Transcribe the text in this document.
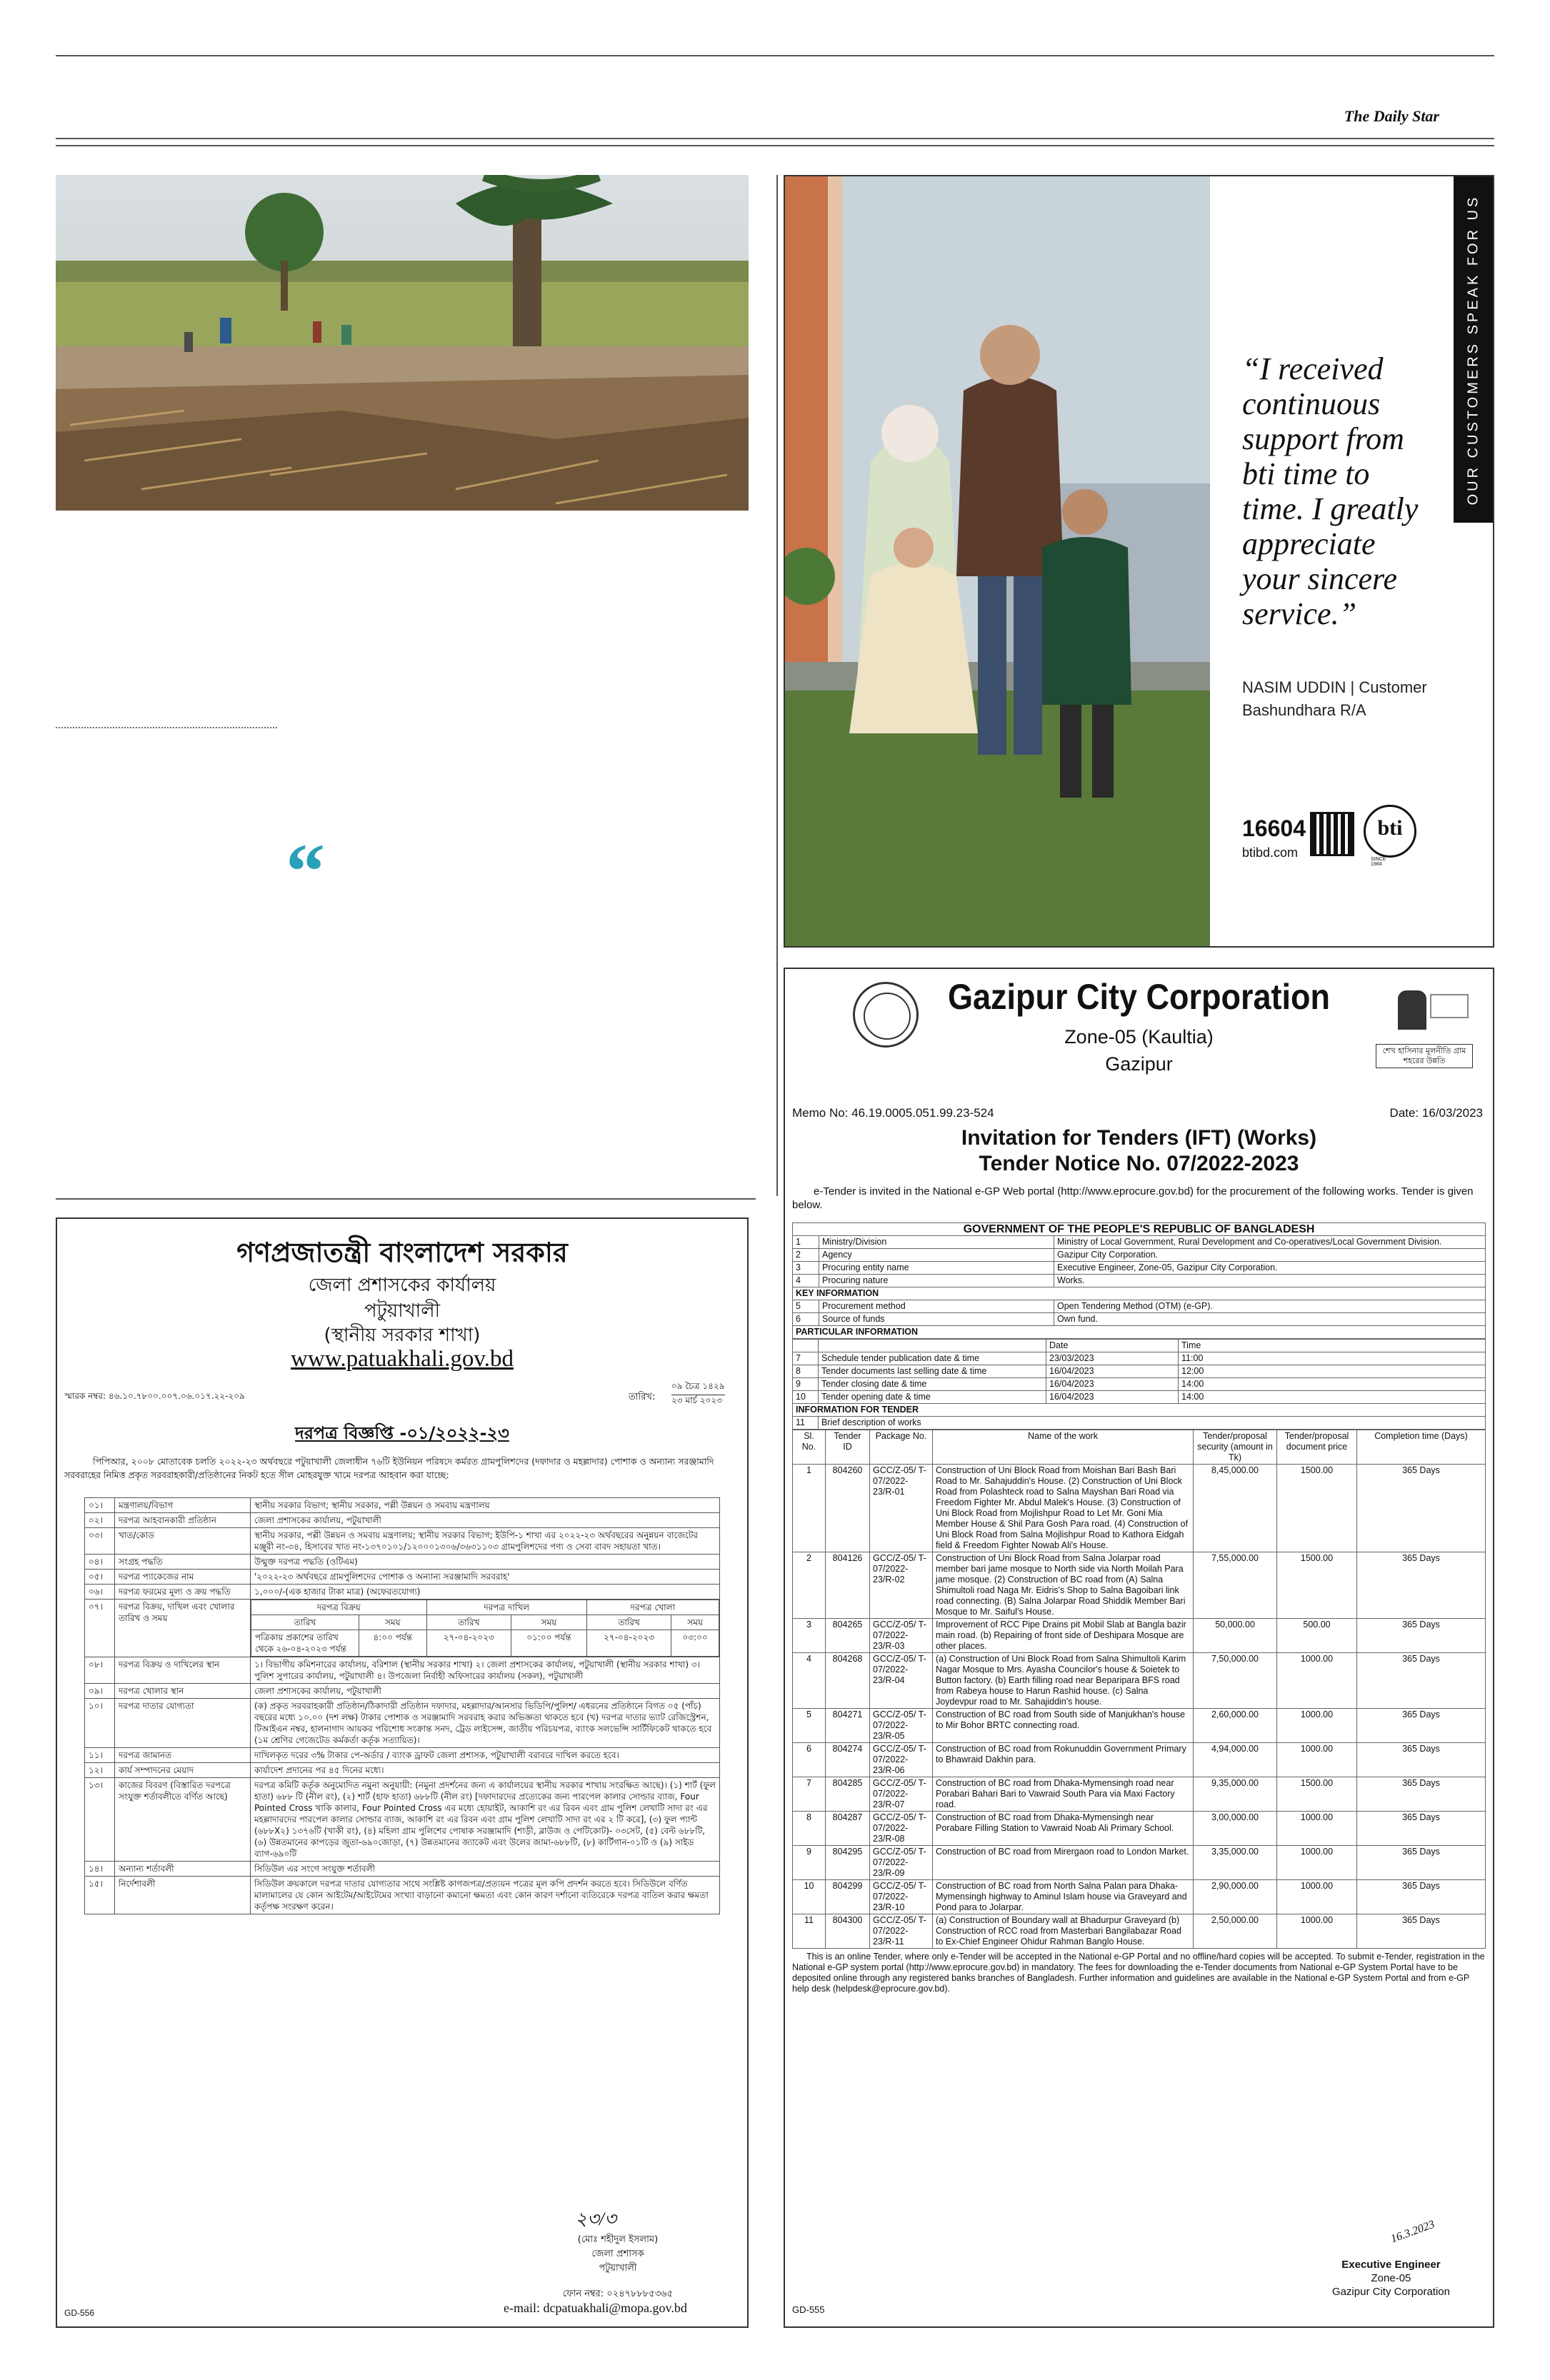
The Daily Star
“
“I received continuous support from bti time to time. I greatly appreciate your sincere service.”
OUR CUSTOMERS SPEAK FOR US
NASIM UDDIN | Customer
Bashundhara R/A
16604
btibd.com
bti
SINCE 1984
Gazipur City Corporation
Zone-05 (Kaultia)
Gazipur
শেখ হাসিনার মূলনীতি গ্রাম শহরের উন্নতি
Memo No: 46.19.0005.051.99.23-524	Date: 16/03/2023
Invitation for Tenders (IFT) (Works)
Tender Notice No. 07/2022-2023
e-Tender is invited in the National e-GP Web portal (http://www.eprocure.gov.bd) for the procurement of the following works. Tender is given below.
GOVERNMENT OF THE PEOPLE'S REPUBLIC OF BANGLADESH		
1	Ministry/Division	Ministry of Local Government, Rural Development and Co-operatives/Local Government Division.
2	Agency	Gazipur City Corporation.
3	Procuring entity name	Executive Engineer, Zone-05, Gazipur City Corporation.
4	Procuring nature	Works.
KEY INFORMATION		
5	Procurement method	Open Tendering Method (OTM) (e-GP).
6	Source of funds	Own fund.
PARTICULAR INFORMATION		
		Date	Time
7	Schedule tender publication date & time	23/03/2023	11:00
8	Tender documents last selling date & time	16/04/2023	12:00
9	Tender closing date & time	16/04/2023	14:00
10	Tender opening date & time	16/04/2023	14:00
INFORMATION FOR TENDER			
11	Brief description of works		
Sl. No.	Tender ID	Package No.	Name of the work	Tender/proposal security (amount in Tk)	Tender/proposal document price	Completion time (Days)
1	804260	GCC/Z-05/ T-07/2022- 23/R-01	Construction of Uni Block Road from Moishan Bari Bash Bari Road to Mr. Sahajuddin's House. (2) Construction of Uni Block Road from Polashteck road to Salna Mayshan Bari Road via Freedom Fighter Mr. Abdul Malek's House. (3) Construction of Uni Block Road from Mojlishpur Road to Let Mr. Goni Mia Member House & Shil Para Gosh Para road. (4) Construction of Uni Block Road from Salna Mojlishpur Road to Kathora Eidgah field & Freedom Fighter Nowab Ali's House.	8,45,000.00	1500.00	365 Days
2	804126	GCC/Z-05/ T-07/2022- 23/R-02	Construction of Uni Block Road from Salna Jolarpar road member bari jame mosque to North side via North Moilah Para jame mosque. (2) Construction of BC road from (A) Salna Shimultoli road Naga Mr. Eidris's Shop to Salna Bagoibari link road connecting. (B) Salna Jolarpar Road Shiddik Member Bari Mosque to Mr. Saiful's House.	7,55,000.00	1500.00	365 Days
3	804265	GCC/Z-05/ T-07/2022- 23/R-03	Improvement of RCC Pipe Drains pit Mobil Slab at Bangla bazir main road. (b) Repairing of front side of Deshipara Mosque are other places.	50,000.00	500.00	365 Days
4	804268	GCC/Z-05/ T-07/2022- 23/R-04	(a) Construction of Uni Block Road from Salna Shimultoli Karim Nagar Mosque to Mrs. Ayasha Councilor's house & Soietek to Button factory. (b) Earth filling road near Beparipara BFS road from Rabeya house to Harun Rashid house. (c) Salna Joydevpur road to Mr. Sahajiddin's house.	7,50,000.00	1000.00	365 Days
5	804271	GCC/Z-05/ T-07/2022- 23/R-05	Construction of BC road from South side of Manjukhan's house to Mir Bohor BRTC connecting road.	2,60,000.00	1000.00	365 Days
6	804274	GCC/Z-05/ T-07/2022- 23/R-06	Construction of BC road from Rokunuddin Government Primary to Bhawraid Dakhin para.	4,94,000.00	1000.00	365 Days
7	804285	GCC/Z-05/ T-07/2022- 23/R-07	Construction of BC road from Dhaka-Mymensingh road near Porabari Bahari Bari to Vawraid South Para via Maxi Factory road.	9,35,000.00	1500.00	365 Days
8	804287	GCC/Z-05/ T-07/2022- 23/R-08	Construction of BC road from Dhaka-Mymensingh near Porabare Filling Station to Vawraid Noab Ali Primary School.	3,00,000.00	1000.00	365 Days
9	804295	GCC/Z-05/ T-07/2022- 23/R-09	Construction of BC road from Mirergaon road to London Market.	3,35,000.00	1000.00	365 Days
10	804299	GCC/Z-05/ T-07/2022- 23/R-10	Construction of BC road from North Salna Palan para Dhaka-Mymensingh highway to Aminul Islam house via Graveyard and Pond para to Jolarpar.	2,90,000.00	1000.00	365 Days
11	804300	GCC/Z-05/ T-07/2022- 23/R-11	(a) Construction of Boundary wall at Bhadurpur Graveyard (b) Construction of RCC road from Masterbari Bangilabazar Road to Ex-Chief Engineer Ohidur Rahman Banglo House.	2,50,000.00	1000.00	365 Days
This is an online Tender, where only e-Tender will be accepted in the National e-GP Portal and no offline/hard copies will be accepted. To submit e-Tender, registration in the National e-GP system portal (http://www.eprocure.gov.bd) in mandatory. The fees for downloading the e-Tender documents from National e-GP System Portal have to be deposited online through any registered banks branches of Bangladesh. Further information and guidelines are available in the National e-GP System Portal and from e-GP help desk (helpdesk@eprocure.gov.bd).
16.3.2023
Executive Engineer
Zone-05
Gazipur City Corporation
GD-555
গণপ্রজাতন্ত্রী বাংলাদেশ সরকার
জেলা প্রশাসকের কার্যালয়
পটুয়াখালী
(স্থানীয় সরকার শাখা)
www.patuakhali.gov.bd
স্মারক নম্বর: ৪৬.১০.৭৮০০.০০৭.০৬.০১৭.২২-২০৯	তারিখ:
০৯ চৈত্র ১৪২৯
২৩ মার্চ ২০২৩
দরপত্র বিজ্ঞপ্তি -০১/২০২২-২৩
পিপিআর, ২০০৮ মোতাবেক চলতি ২০২২-২৩ অর্থবছরে পটুয়াখালী জেলাধীন ৭৬টি ইউনিয়ন পরিষদে কর্মরত গ্রামপুলিশদের (দফাদার ও মহল্লাদার) পোশাক ও অন্যান্য সরঞ্জামাদি সরবরাহের নিমিত্ত প্রকৃত সরবরাহকারী/প্রতিষ্ঠানের নিকট হতে সীল মোহরযুক্ত খামে দরপত্র আহবান করা যাচ্ছে:
০১।	মন্ত্রণালয়/বিভাগ	স্থানীয় সরকার বিভাগ; স্থানীয় সরকার, পল্লী উন্নয়ন ও সমবায় মন্ত্রণালয়
০২।	দরপত্র আহবানকারী প্রতিষ্ঠান	জেলা প্রশাসকের কার্যালয়, পটুয়াখালী
০৩।	খাত/কোড	স্থানীয় সরকার, পল্লী উন্নয়ন ও সমবায় মন্ত্রণালয়; স্থানীয় সরকার বিভাগ; ইউপি-১ শাখা এর ২০২২-২৩ অর্থবছরের অনুন্নয়ন বাজেটের মঞ্জুরী নং-৩৪, হিসাবের খাত নং-১৩৭০১০১/১২০০০১৩০৬/৩৬৩১১০৩ গ্রামপুলিশদের পণ্য ও সেবা বাবদ সহায়তা খাত।
০৪।	সংগ্রহ পদ্ধতি	উন্মুক্ত দরপত্র পদ্ধতি (ওটিএম)
০৫।	দরপত্র প্যাকেজের নাম	'২০২২-২৩ অর্থবছরে গ্রামপুলিশদের পোশাক ও অন্যান্য সরঞ্জামাদি সরবরাহ'
০৬।	দরপত্র ফরমের মূল্য ও ক্রয় পদ্ধতি	১,০০০/-(এক হাজার টাকা মাত্র) (অফেরতযোগ্য)
০৭।	দরপত্র বিক্রয়, দাখিল এবং খোলার তারিখ ও সময়	
দরপত্র বিক্রয়	দরপত্র দাখিল	দরপত্র খোলা
তারিখ	সময়	তারিখ	সময়	তারিখ	সময়
পত্রিকায় প্রকাশের তারিখ থেকে ২৬-০৪-২০২৩ পর্যন্ত	৪:০০ পর্যন্ত	২৭-০৪-২০২৩	০১:০০ পর্যন্ত	২৭-০৪-২০২৩	০৩:০০

০৮।	দরপত্র বিক্রয় ও দাখিলের স্থান	১। বিভাগীয় কমিশনারের কার্যালয়, বরিশাল (স্থানীয় সরকার শাখা) ২। জেলা প্রশাসকের কার্যালয়, পটুয়াখালী (স্থানীয় সরকার শাখা) ৩। পুলিশ সুপারের কার্যালয়, পটুয়াখালী ৪। উপজেলা নির্বাহী অফিসারের কার্যালয় (সকল), পটুয়াখালী
০৯।	দরপত্র খোলার স্থান	জেলা প্রশাসকের কার্যালয়, পটুয়াখালী
১০।	দরপত্র দাতার যোগ্যতা	(ক) প্রকৃত সরবরাহকারী প্রতিষ্ঠান/ঠিকাদারী প্রতিষ্ঠান দফাদার, মহল্লাদার/আনসার ভিডিপি/পুলিশ/ এধরনের প্রতিষ্ঠানে বিগত ০৫ (পাঁচ) বছরের মধ্যে ১০.০০ (দশ লক্ষ) টাকার পোশাক ও সরঞ্জামাদি সরবরাহ করার অভিজ্ঞতা থাকতে হবে (খ) দরপত্র দাতার ভ্যাট রেজিস্ট্রেশন, টিআইএন নম্বর, হালনাগাদ আয়কর পরিশোধ সংক্রান্ত সনদ, ট্রেড লাইসেন্স, জাতীয় পরিচয়পত্র, ব্যাংক সলভেন্সি সার্টিফিকেট থাকতে হবে (১ম শ্রেণির গেজেটেড কর্মকর্তা কর্তৃক সত্যায়িত)।
১১।	দরপত্র জামানত	দাখিলকৃত দরের ৩% টাকার পে-অর্ডার / ব্যাংক ড্রাফট জেলা প্রশাসক, পটুয়াখালী বরাবরে দাখিল করতে হবে।
১২।	কার্য সম্পাদনের মেয়াদ	কার্যাদেশ প্রদানের পর ৪৫ দিনের মধ্যে।
১৩।	কাজের বিবরণ (বিস্তারিত দরপত্রে সংযুক্ত শর্তাবলীতে বর্ণিত আছে)	দরপত্র কমিটি কর্তৃক অনুমোদিত নমুনা অনুযায়ী: (নমুনা প্রদর্শনের জন্য এ কার্যালয়ের স্থানীয় সরকার শাখায় সংরক্ষিত আছে)। (১) শার্ট (ফুল হাতা) ৬৮৮ টি (নীল রং), (২) শার্ট (হাফ হাতা) ৬৮৮টি (নীল রং) [দফাদারদের প্রত্যেকের জন্য পারপেল কালার সোল্ডার ব্যাজ, Four Pointed Cross খাকি কালার, Four Pointed Cross এর মধ্যে হোয়াইট, আকাশি রং এর রিবন এবং গ্রাম পুলিশ লেখাটি সাদা রং এর মহল্লাদারদের পারপেল কালার সোল্ডার ব্যাজ, আকাশি রং এর রিবন এবং গ্রাম পুলিশ লেখাটি সাদা রং এর ২ টি করে], (৩) ফুল প্যান্ট (৬৮৮X২) ১৩৭৬টি (খাকী রং), (৪) মহিলা গ্রাম পুলিশের পোষাক সরঞ্জামাদি (শাড়ী, ব্লাউজ ও পেটিকোট)- ০৩সেট, (৫) বেল্ট ৬৮৮টি, (৬) উন্নতমানের কাপড়ের জুতা-৬৯০জোড়া, (৭) উন্নতমানের জ্যাকেট এবং উলের জামা-৬৮৮টি, (৮) কার্টিগান-০১টি ও (৯) সাইড ব্যাগ-৬৯০টি
১৪।	অন্যান্য শর্তাবলী	সিডিউল এর সংগে সংযুক্ত শর্তাবলী
১৫।	নির্দেশাবলী	সিডিউল ক্রয়কালে দরপত্র দাতার যোগ্যতার সাথে সংশ্লিষ্ট কাগজপত্র/প্রত্যয়ন পত্রের মূল কপি প্রদর্শন করতে হবে। সিডিউলে বর্ণিত মালামালের যে কোন আইটেম/আইটেমের সংখ্যা বাড়ানো কমানো ক্ষমতা এবং কোন কারণ দর্শানো ব্যতিরেকে দরপত্র বাতিল করার ক্ষমতা কর্তৃপক্ষ সংরক্ষণ করেন।
২৩/৩
(মোঃ শহীদুল ইসলাম)
জেলা প্রশাসক
পটুয়াখালী
ফোন নম্বর: ০২৪৭৮৮৮৫৩৬৫
e-mail: dcpatuakhali@mopa.gov.bd
GD-556
